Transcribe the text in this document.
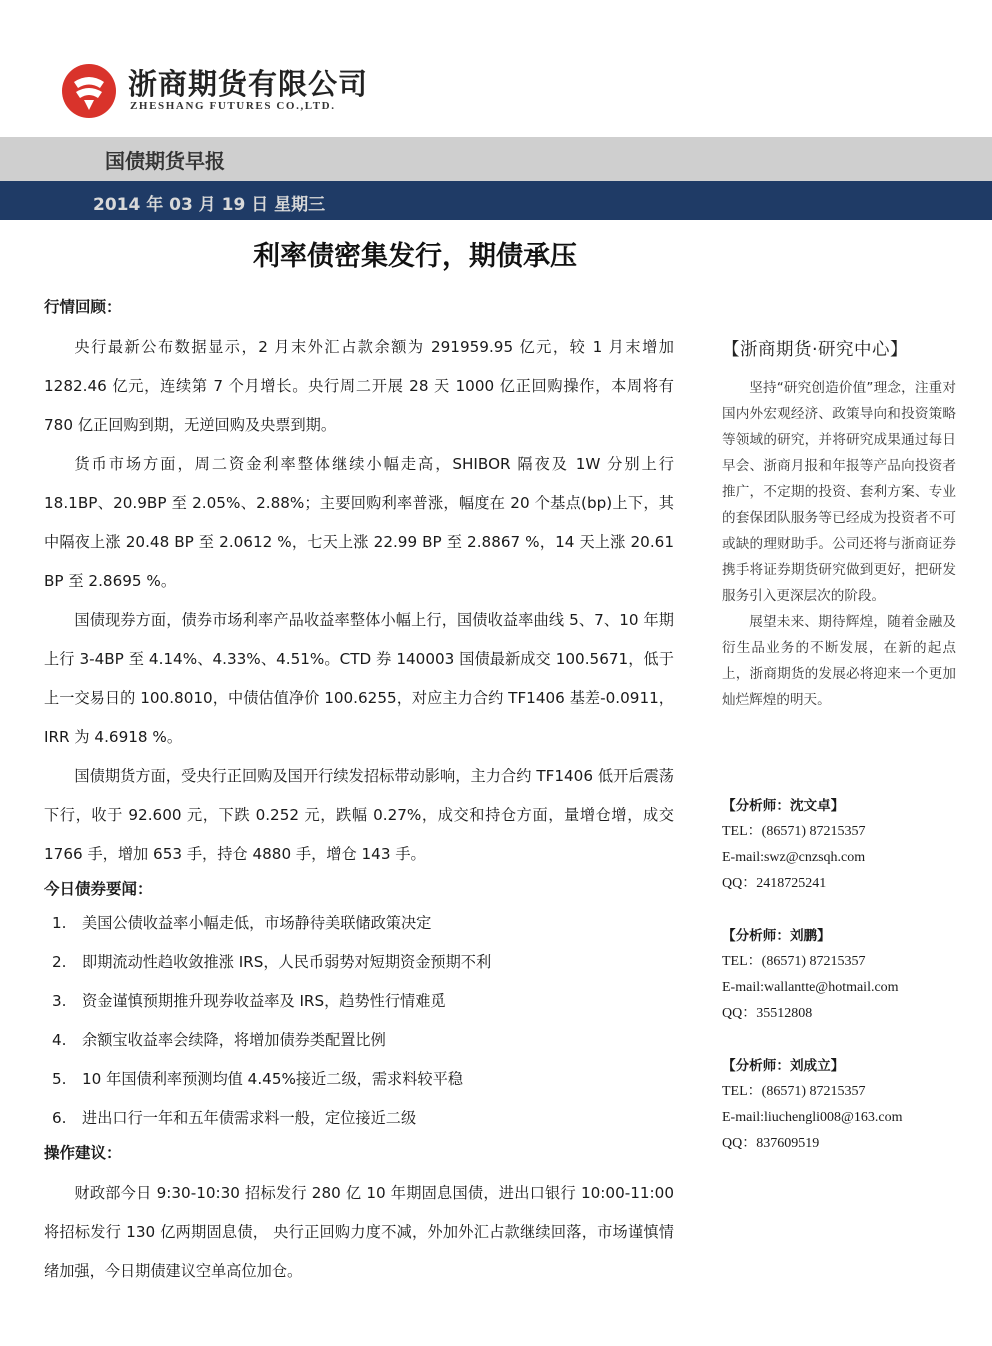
浙商期货有限公司
ZHESHANG FUTURES CO.,LTD.
国债期货早报
2014 年 03 月 19 日 星期三
利率债密集发行，期债承压

行情回顾：

央行最新公布数据显示，2 月末外汇占款余额为 291959.95 亿元，较 1 月末增加 1282.46 亿元，连续第 7 个月增长。央行周二开展 28 天 1000 亿正回购操作，本周将有 780 亿正回购到期，无逆回购及央票到期。

货币市场方面，周二资金利率整体继续小幅走高，SHIBOR 隔夜及 1W 分别上行 18.1BP、20.9BP 至 2.05%、2.88%；主要回购利率普涨，幅度在 20 个基点(bp)上下，其中隔夜上涨 20.48 BP 至 2.0612 %，七天上涨 22.99 BP 至 2.8867 %，14 天上涨 20.61 BP 至 2.8695 %。

国债现券方面，债券市场利率产品收益率整体小幅上行，国债收益率曲线 5、7、10 年期上行 3-4BP 至 4.14%、4.33%、4.51%。CTD 券 140003 国债最新成交 100.5671，低于上一交易日的 100.8010，中债估值净价 100.6255，对应主力合约 TF1406 基差-0.0911，IRR 为 4.6918 %。

国债期货方面，受央行正回购及国开行续发招标带动影响，主力合约 TF1406 低开后震荡下行，收于 92.600 元，下跌 0.252 元，跌幅 0.27%，成交和持仓方面，量增仓增，成交 1766 手，增加 653 手，持仓 4880 手，增仓 143 手。

今日债券要闻：

1. 美国公债收益率小幅走低，市场静待美联储政策决定
2. 即期流动性趋收敛推涨 IRS，人民币弱势对短期资金预期不利
3. 资金谨慎预期推升现券收益率及 IRS，趋势性行情难觅
4. 余额宝收益率会续降，将增加债券类配置比例
5. 10 年国债利率预测均值 4.45%接近二级，需求料较平稳
6. 进出口行一年和五年债需求料一般，定位接近二级

操作建议：

财政部今日 9:30-10:30 招标发行 280 亿 10 年期固息国债，进出口银行 10:00-11:00 将招标发行 130 亿两期固息债， 央行正回购力度不减，外加外汇占款继续回落，市场谨慎情绪加强，今日期债建议空单高位加仓。

【浙商期货·研究中心】

坚持“研究创造价值”理念，注重对国内外宏观经济、政策导向和投资策略等领域的研究，并将研究成果通过每日早会、浙商月报和年报等产品向投资者推广，不定期的投资、套利方案、专业的套保团队服务等已经成为投资者不可或缺的理财助手。公司还将与浙商证券携手将证券期货研究做到更好，把研发服务引入更深层次的阶段。

展望未来、期待辉煌，随着金融及衍生品业务的不断发展，在新的起点上，浙商期货的发展必将迎来一个更加灿烂辉煌的明天。

【分析师：沈文卓】
TEL：(86571) 87215357
E-mail:swz@cnzsqh.com
QQ：2418725241
【分析师：刘鹏】
TEL：(86571) 87215357
E-mail:wallantte@hotmail.com
QQ：35512808
【分析师：刘成立】
TEL：(86571) 87215357
E-mail:liuchengli008@163.com
QQ：837609519
